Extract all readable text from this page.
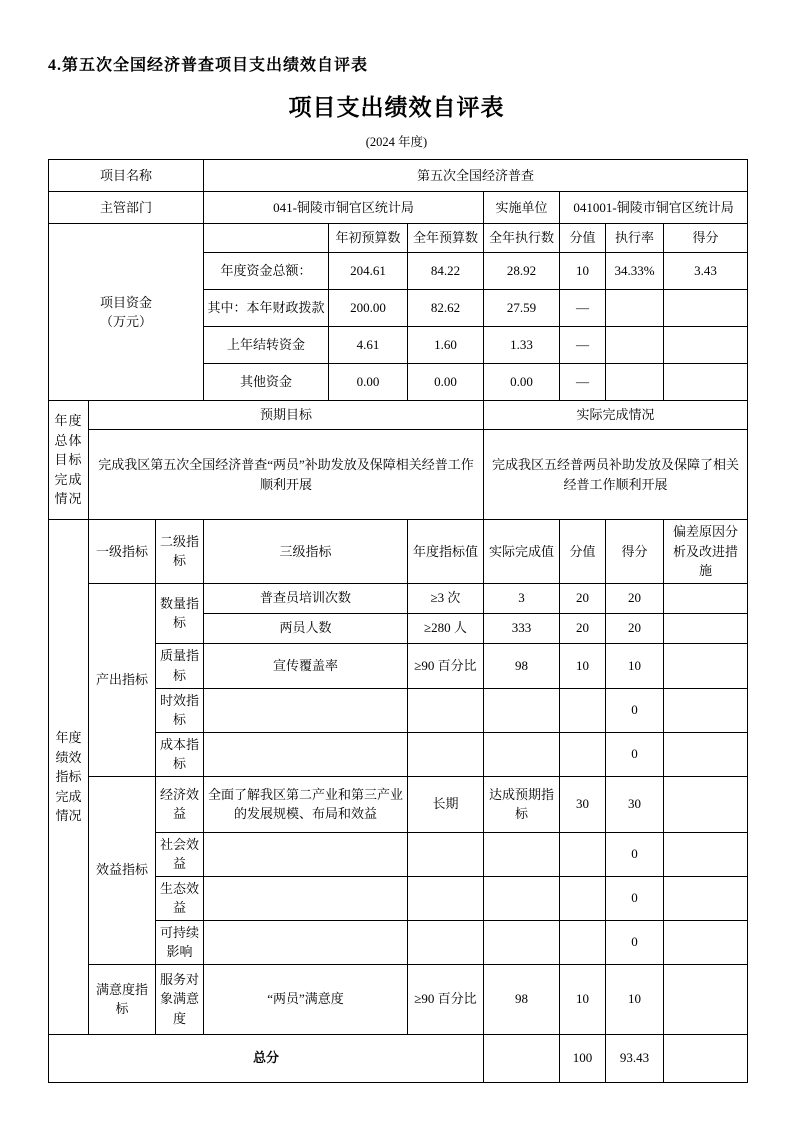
4.第五次全国经济普查项目支出绩效自评表
项目支出绩效自评表
(2024 年度)
项目名称			第五次全国经济普查						
主管部门			041-铜陵市铜官区统计局			实施单位	041001-铜陵市铜官区统计局		

项目资金
（万元）				年初预算数	全年预算数	全年执行数	分值	执行率	得分
			年度资金总额：	204.61	84.22	28.92	10	34.33%	3.43
			其中：本年财政拨款	200.00	82.62	27.59	—		
			上年结转资金	4.61	1.60	1.33	—		
			其他资金	0.00	0.00	0.00	—		
年度总体目标完成情况	预期目标					实际完成情况			
	完成我区第五次全国经济普查“两员”补助发放及保障相关经普工作顺利开展					完成我区五经普两员补助发放及保障了相关经普工作顺利开展			
年度绩效指标完成情况	一级指标	二级指标	三级指标		年度指标值	实际完成值	分值	得分	偏差原因分析及改进措施
	产出指标	数量指标	普查员培训次数		≥3 次	3	20	20	
			两员人数		≥280 人	333	20	20	
		质量指标	宣传覆盖率		≥90 百分比	98	10	10	
		时效指标						0	
		成本指标						0	
	效益指标	经济效益	全面了解我区第二产业和第三产业的发展规模、布局和效益		长期	达成预期指标	30	30	
		社会效益						0	
		生态效益						0	
		可持续影响						0	
	满意度指标	服务对象满意度	“两员”满意度		≥90 百分比	98	10	10	
总分							100	93.43	
